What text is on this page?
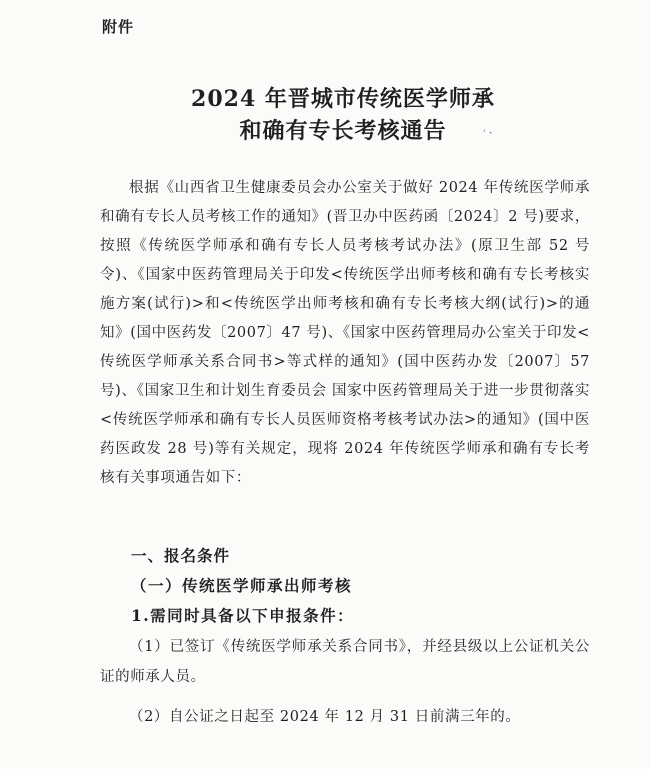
附件
2024 年晋城市传统医学师承
和确有专长考核通告	' ･

根据《山西省卫生健康委员会办公室关于做好 2024 年传统医学师承和确有专长人员考核工作的通知》(晋卫办中医药函〔2024〕2 号)要求，按照《传统医学师承和确有专长人员考核考试办法》(原卫生部 52 号令)、《国家中医药管理局关于印发<传统医学出师考核和确有专长考核实施方案(试行)>和<传统医学出师考核和确有专长考核大纲(试行)>的通知》(国中医药发〔2007〕47 号)、《国家中医药管理局办公室关于印发<传统医学师承关系合同书>等式样的通知》(国中医药办发〔2007〕57 号)、《国家卫生和计划生育委员会 国家中医药管理局关于进一步贯彻落实<传统医学师承和确有专长人员医师资格考核考试办法>的通知》(国中医药医政发 28 号)等有关规定，现将 2024 年传统医学师承和确有专长考核有关事项通告如下：

一、报名条件
（一）传统医学师承出师考核
1.需同时具备以下申报条件：

（1）已签订《传统医学师承关系合同书》，并经县级以上公证机关公证的师承人员。

（2）自公证之日起至 2024 年 12 月 31 日前满三年的。
